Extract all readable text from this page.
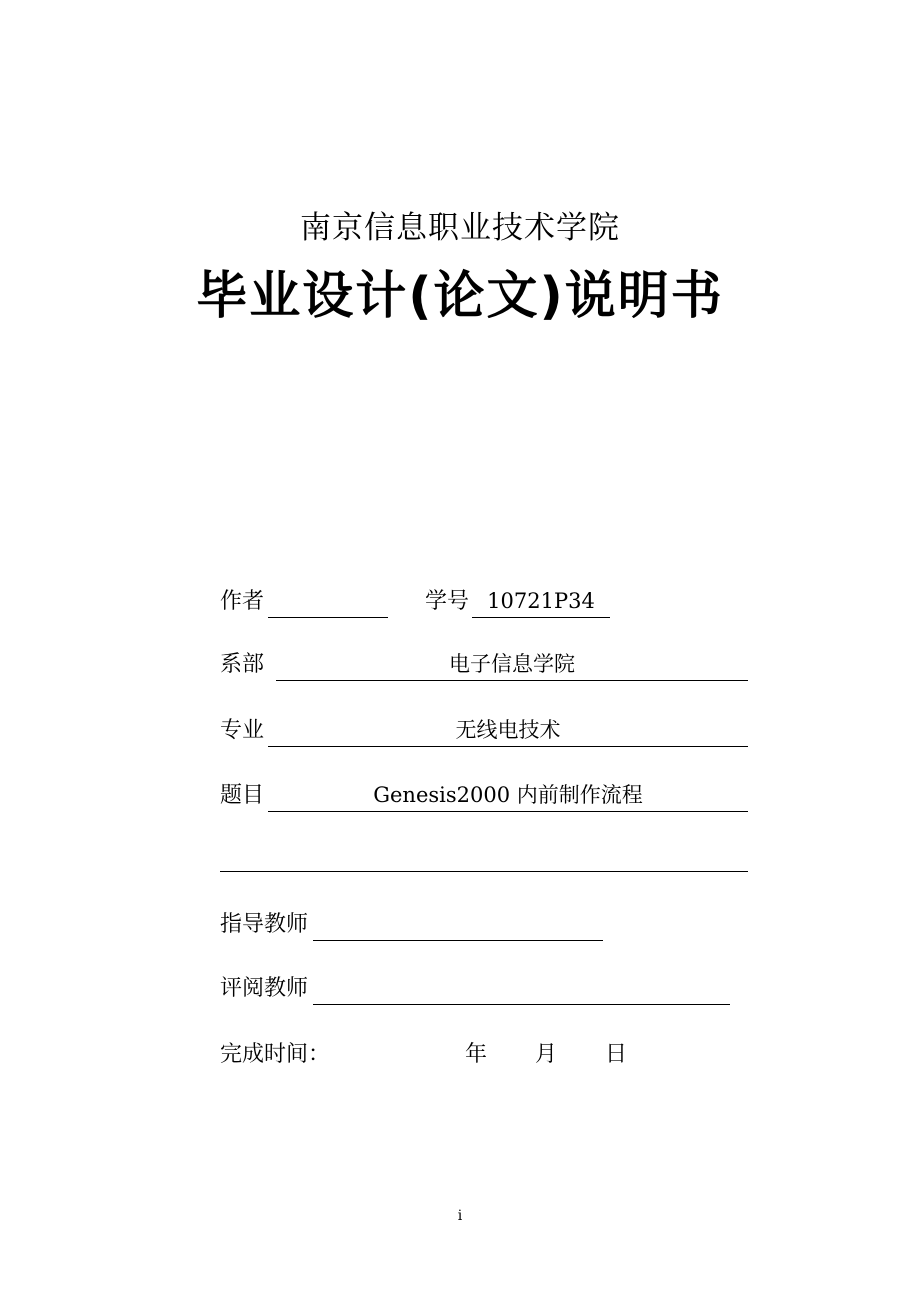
南京信息职业技术学院
毕业设计(论文)说明书
作者	学号 10721P34
系部	电子信息学院
专业	无线电技术
题目	Genesis2000 内前制作流程
指导教师
评阅教师
完成时间：	年 月 日
i
